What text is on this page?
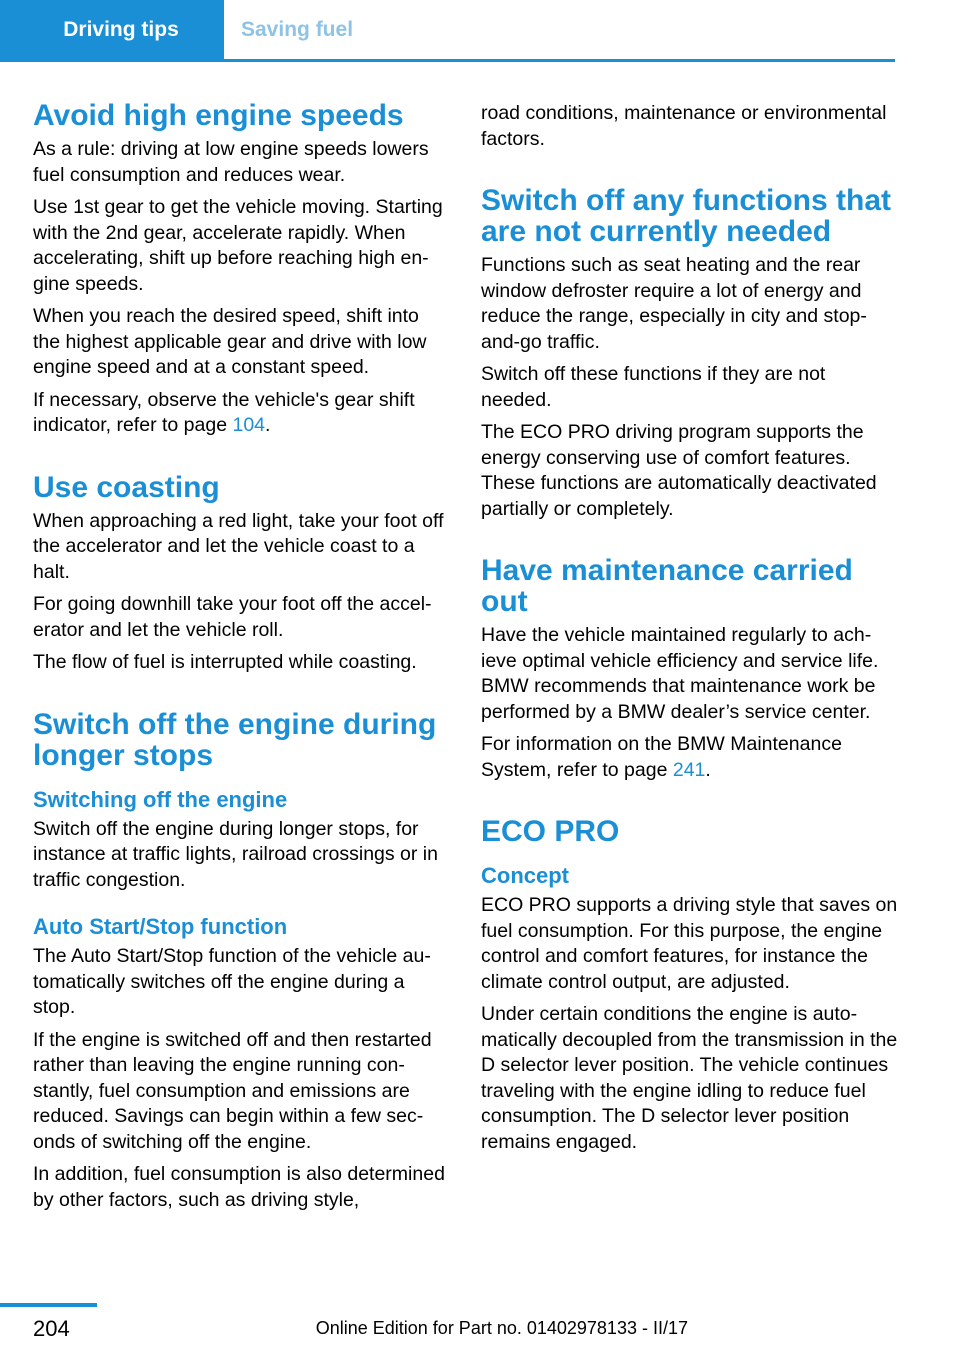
Driving tips	Saving fuel
Avoid high engine speeds

As a rule: driving at low engine speeds lowers fuel consumption and reduces wear.

Use 1st gear to get the vehicle moving. Starting with the 2nd gear, accelerate rapidly. When accelerating, shift up before reaching high engine speeds.

When you reach the desired speed, shift into the highest applicable gear and drive with low engine speed and at a constant speed.

If necessary, observe the vehicle's gear shift indicator, refer to page 104.

Use coasting

When approaching a red light, take your foot off the accelerator and let the vehicle coast to a halt.

For going downhill take your foot off the accelerator and let the vehicle roll.

The flow of fuel is interrupted while coasting.

Switch off the engine during longer stops
Switching off the engine

Switch off the engine during longer stops, for instance at traffic lights, railroad crossings or in traffic congestion.

Auto Start/Stop function

The Auto Start/Stop function of the vehicle automatically switches off the engine during a stop.

If the engine is switched off and then restarted rather than leaving the engine running constantly, fuel consumption and emissions are reduced. Savings can begin within a few seconds of switching off the engine.

In addition, fuel consumption is also determined by other factors, such as driving style,

road conditions, maintenance or environmental factors.

Switch off any functions that are not currently needed

Functions such as seat heating and the rear window defroster require a lot of energy and reduce the range, especially in city and stop-and-go traffic.

Switch off these functions if they are not needed.

The ECO PRO driving program supports the energy conserving use of comfort features. These functions are automatically deactivated partially or completely.

Have maintenance carried out

Have the vehicle maintained regularly to achieve optimal vehicle efficiency and service life. BMW recommends that maintenance work be performed by a BMW dealer’s service center.

For information on the BMW Maintenance System, refer to page 241.

ECO PRO
Concept

ECO PRO supports a driving style that saves on fuel consumption. For this purpose, the engine control and comfort features, for instance the climate control output, are adjusted.

Under certain conditions the engine is automatically decoupled from the transmission in the D selector lever position. The vehicle continues traveling with the engine idling to reduce fuel consumption. The D selector lever position remains engaged.

204	Online Edition for Part no. 01402978133 - II/17
